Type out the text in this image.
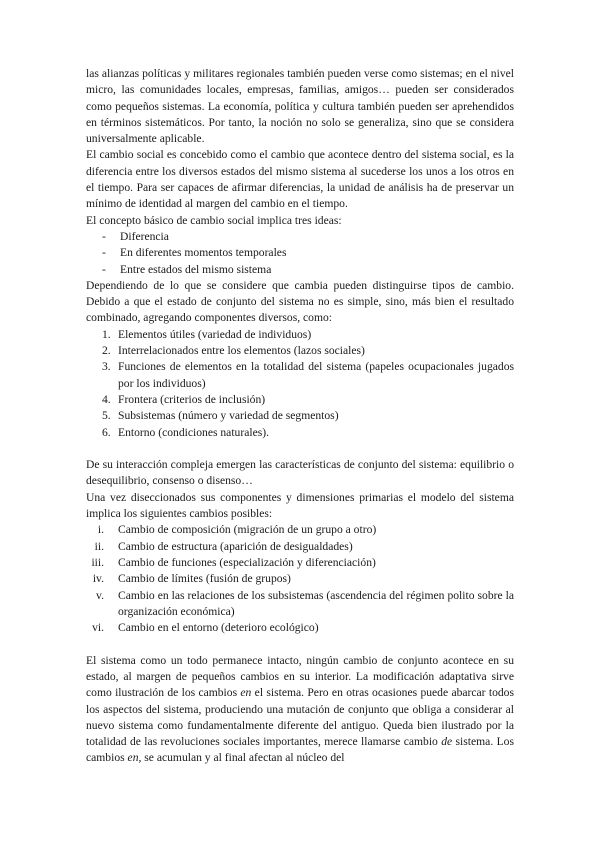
las alianzas políticas y militares regionales también pueden verse como sistemas; en el nivel micro, las comunidades locales, empresas, familias, amigos… pueden ser considerados como pequeños sistemas. La economía, política y cultura también pueden ser aprehendidos en términos sistemáticos. Por tanto, la noción no solo se generaliza, sino que se considera universalmente aplicable.

El cambio social es concebido como el cambio que acontece dentro del sistema social, es la diferencia entre los diversos estados del mismo sistema al sucederse los unos a los otros en el tiempo. Para ser capaces de afirmar diferencias, la unidad de análisis ha de preservar un mínimo de identidad al margen del cambio en el tiempo.

El concepto básico de cambio social implica tres ideas:

- Diferencia
- En diferentes momentos temporales
- Entre estados del mismo sistema

Dependiendo de lo que se considere que cambia pueden distinguirse tipos de cambio. Debido a que el estado de conjunto del sistema no es simple, sino, más bien el resultado combinado, agregando componentes diversos, como:

1. Elementos útiles (variedad de individuos)
2. Interrelacionados entre los elementos (lazos sociales)
3. Funciones de elementos en la totalidad del sistema (papeles ocupacionales jugados por los individuos)
4. Frontera (criterios de inclusión)
5. Subsistemas (número y variedad de segmentos)
6. Entorno (condiciones naturales).

De su interacción compleja emergen las características de conjunto del sistema: equilibrio o desequilibrio, consenso o disenso…

Una vez diseccionados sus componentes y dimensiones primarias el modelo del sistema implica los siguientes cambios posibles:

i. Cambio de composición (migración de un grupo a otro)
ii. Cambio de estructura (aparición de desigualdades)
iii. Cambio de funciones (especialización y diferenciación)
iv. Cambio de límites (fusión de grupos)
v. Cambio en las relaciones de los subsistemas (ascendencia del régimen polito sobre la organización económica)
vi. Cambio en el entorno (deterioro ecológico)

El sistema como un todo permanece intacto, ningún cambio de conjunto acontece en su estado, al margen de pequeños cambios en su interior. La modificación adaptativa sirve como ilustración de los cambios en el sistema. Pero en otras ocasiones puede abarcar todos los aspectos del sistema, produciendo una mutación de conjunto que obliga a considerar al nuevo sistema como fundamentalmente diferente del antiguo. Queda bien ilustrado por la totalidad de las revoluciones sociales importantes, merece llamarse cambio de sistema. Los cambios en, se acumulan y al final afectan al núcleo del
